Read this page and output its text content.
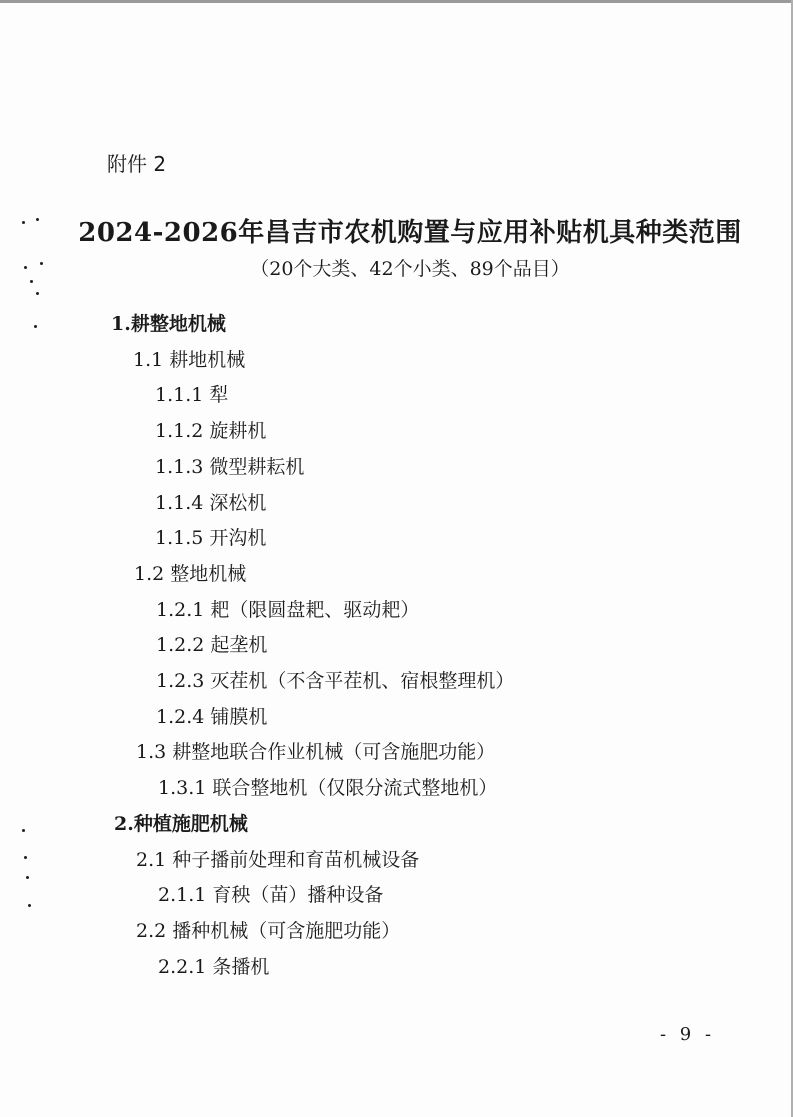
附件 2
2024-2026年昌吉市农机购置与应用补贴机具种类范围
（20个大类、42个小类、89个品目）
1.耕整地机械
1.1 耕地机械
1.1.1 犁
1.1.2 旋耕机
1.1.3 微型耕耘机
1.1.4 深松机
1.1.5 开沟机
1.2 整地机械
1.2.1 耙（限圆盘耙、驱动耙）
1.2.2 起垄机
1.2.3 灭茬机（不含平茬机、宿根整理机）
1.2.4 铺膜机
1.3 耕整地联合作业机械（可含施肥功能）
1.3.1 联合整地机（仅限分流式整地机）
2.种植施肥机械
2.1 种子播前处理和育苗机械设备
2.1.1 育秧（苗）播种设备
2.2 播种机械（可含施肥功能）
2.2.1 条播机
- 9 -
